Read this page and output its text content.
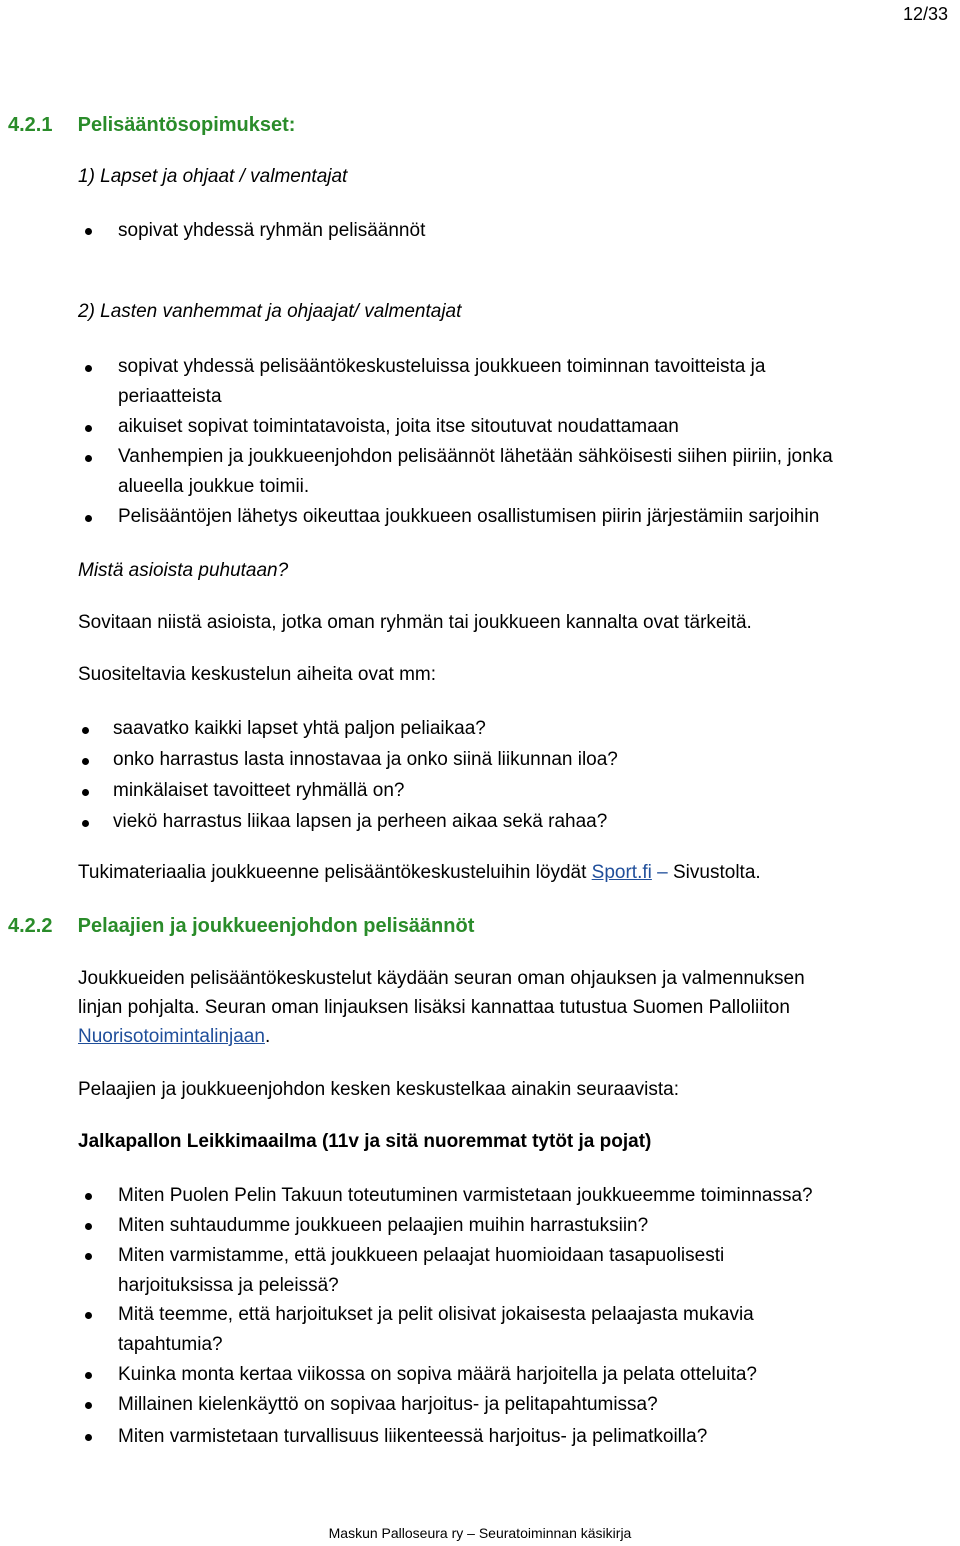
12/33
4.2.1 Pelisääntösopimukset:
1) Lapset ja ohjaat / valmentajat
sopivat yhdessä ryhmän pelisäännöt
2) Lasten vanhemmat ja ohjaajat/ valmentajat
sopivat yhdessä pelisääntökeskusteluissa joukkueen toiminnan tavoitteista ja
periaatteista
aikuiset sopivat toimintatavoista, joita itse sitoutuvat noudattamaan
Vanhempien ja joukkueenjohdon pelisäännöt lähetään sähköisesti siihen piiriin, jonka
alueella joukkue toimii.
Pelisääntöjen lähetys oikeuttaa joukkueen osallistumisen piirin järjestämiin sarjoihin
Mistä asioista puhutaan?
Sovitaan niistä asioista, jotka oman ryhmän tai joukkueen kannalta ovat tärkeitä.
Suositeltavia keskustelun aiheita ovat mm:
saavatko kaikki lapset yhtä paljon peliaikaa?
onko harrastus lasta innostavaa ja onko siinä liikunnan iloa?
minkälaiset tavoitteet ryhmällä on?
viekö harrastus liikaa lapsen ja perheen aikaa sekä rahaa?
Tukimateriaalia joukkueenne pelisääntökeskusteluihin löydät Sport.fi – Sivustolta.
4.2.2 Pelaajien ja joukkueenjohdon pelisäännöt
Joukkueiden pelisääntökeskustelut käydään seuran oman ohjauksen ja valmennuksen
linjan pohjalta. Seuran oman linjauksen lisäksi kannattaa tutustua Suomen Palloliiton
Nuorisotoimintalinjaan.
Pelaajien ja joukkueenjohdon kesken keskustelkaa ainakin seuraavista:
Jalkapallon Leikkimaailma (11v ja sitä nuoremmat tytöt ja pojat)
Miten Puolen Pelin Takuun toteutuminen varmistetaan joukkueemme toiminnassa?
Miten suhtaudumme joukkueen pelaajien muihin harrastuksiin?
Miten varmistamme, että joukkueen pelaajat huomioidaan tasapuolisesti
harjoituksissa ja peleissä?
Mitä teemme, että harjoitukset ja pelit olisivat jokaisesta pelaajasta mukavia
tapahtumia?
Kuinka monta kertaa viikossa on sopiva määrä harjoitella ja pelata otteluita?
Millainen kielenkäyttö on sopivaa harjoitus- ja pelitapahtumissa?
Miten varmistetaan turvallisuus liikenteessä harjoitus- ja pelimatkoilla?
Maskun Palloseura ry – Seuratoiminnan käsikirja
